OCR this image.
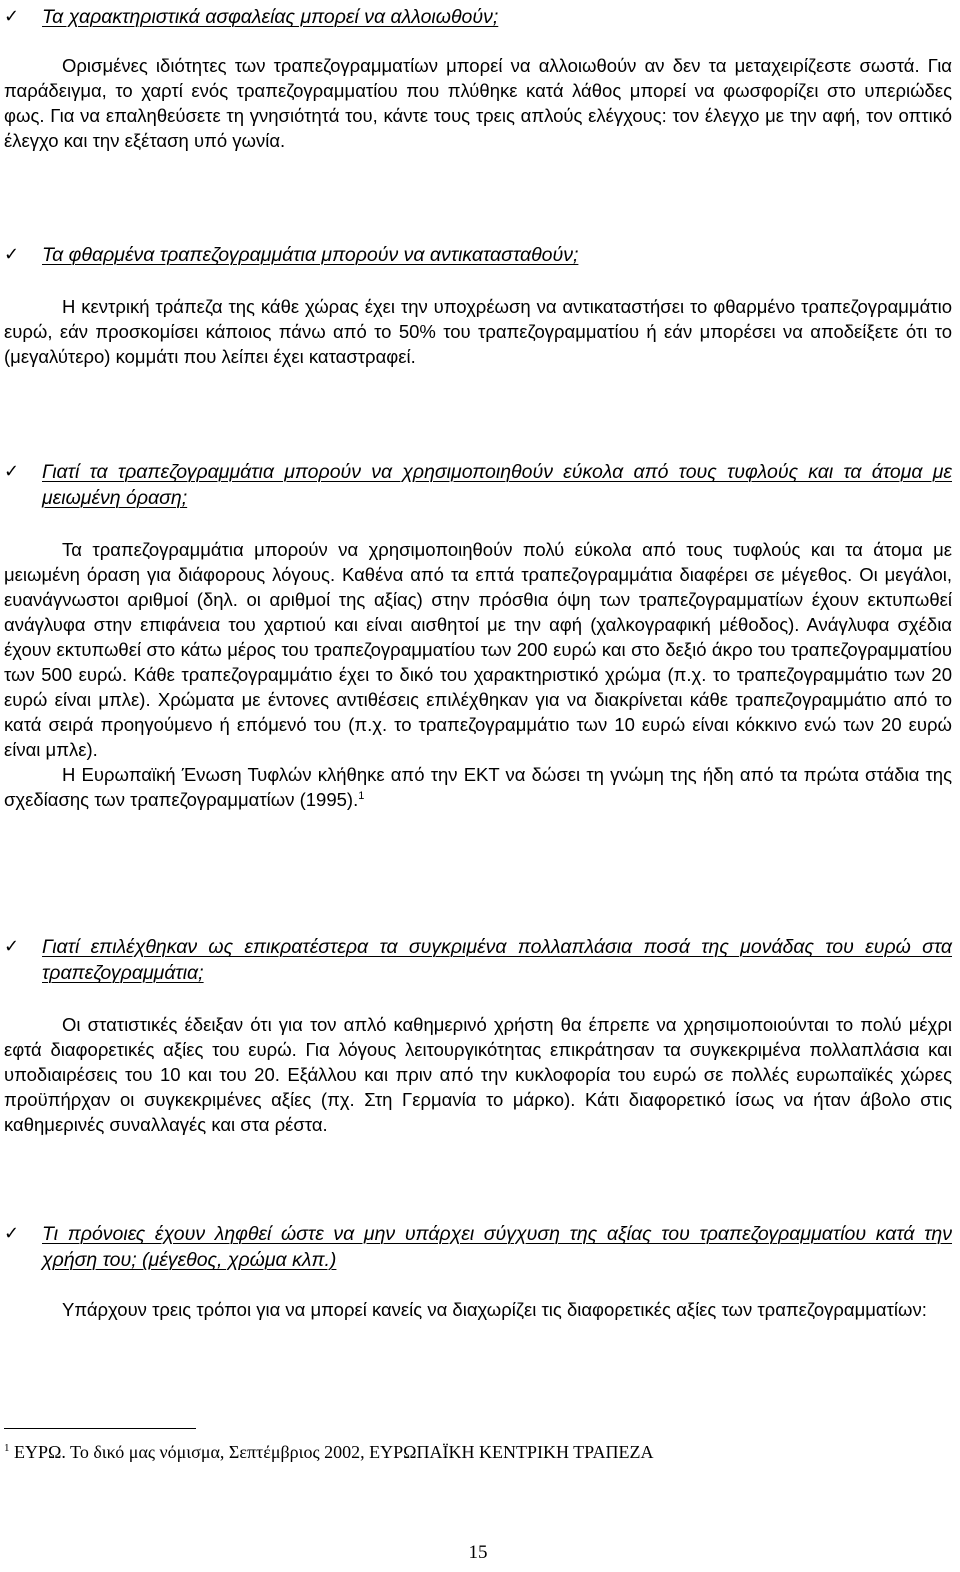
✓ Τα χαρακτηριστικά ασφαλείας μπορεί να αλλοιωθούν;

Ορισμένες ιδιότητες των τραπεζογραμματίων μπορεί να αλλοιωθούν αν δεν τα μεταχειρίζεστε σωστά. Για παράδειγμα, το χαρτί ενός τραπεζογραμματίου που πλύθηκε κατά λάθος μπορεί να φωσφορίζει στο υπεριώδες φως. Για να επαληθεύσετε τη γνησιότητά του, κάντε τους τρεις απλούς ελέγχους: τον έλεγχο με την αφή, τον οπτικό έλεγχο και την εξέταση υπό γωνία.

✓ Τα φθαρμένα τραπεζογραμμάτια μπορούν να αντικατασταθούν;

Η κεντρική τράπεζα της κάθε χώρας έχει την υποχρέωση να αντικαταστήσει το φθαρμένο τραπεζογραμμάτιο ευρώ, εάν προσκομίσει κάποιος πάνω από το 50% του τραπεζογραμματίου ή εάν μπορέσει να αποδείξετε ότι το (μεγαλύτερο) κομμάτι που λείπει έχει καταστραφεί.

✓ Γιατί τα τραπεζογραμμάτια μπορούν να χρησιμοποιηθούν εύκολα από τους τυφλούς και τα άτομα με μειωμένη όραση;

Τα τραπεζογραμμάτια μπορούν να χρησιμοποιηθούν πολύ εύκολα από τους τυφλούς και τα άτομα με μειωμένη όραση για διάφορους λόγους. Καθένα από τα επτά τραπεζογραμμάτια διαφέρει σε μέγεθος. Οι μεγάλοι, ευανάγνωστοι αριθμοί (δηλ. οι αριθμοί της αξίας) στην πρόσθια όψη των τραπεζογραμματίων έχουν εκτυπωθεί ανάγλυφα στην επιφάνεια του χαρτιού και είναι αισθητοί με την αφή (χαλκογραφική μέθοδος). Ανάγλυφα σχέδια έχουν εκτυπωθεί στο κάτω μέρος του τραπεζογραμματίου των 200 ευρώ και στο δεξιό άκρο του τραπεζογραμματίου των 500 ευρώ. Κάθε τραπεζογραμμάτιο έχει το δικό του χαρακτηριστικό χρώμα (π.χ. το τραπεζογραμμάτιο των 20 ευρώ είναι μπλε). Χρώματα με έντονες αντιθέσεις επιλέχθηκαν για να διακρίνεται κάθε τραπεζογραμμάτιο από το κατά σειρά προηγούμενο ή επόμενό του (π.χ. το τραπεζογραμμάτιο των 10 ευρώ είναι κόκκινο ενώ των 20 ευρώ είναι μπλε).

Η Ευρωπαϊκή Ένωση Τυφλών κλήθηκε από την ΕΚΤ να δώσει τη γνώμη της ήδη από τα πρώτα στάδια της σχεδίασης των τραπεζογραμματίων (1995).$^1$

✓ Γιατί επιλέχθηκαν ως επικρατέστερα τα συγκριμένα πολλαπλάσια ποσά της μονάδας του ευρώ στα τραπεζογραμμάτια;

Οι στατιστικές έδειξαν ότι για τον απλό καθημερινό χρήστη θα έπρεπε να χρησιμοποιούνται το πολύ μέχρι εφτά διαφορετικές αξίες του ευρώ. Για λόγους λειτουργικότητας επικράτησαν τα συγκεκριμένα πολλαπλάσια και υποδιαιρέσεις του 10 και του 20. Εξάλλου και πριν από την κυκλοφορία του ευρώ σε πολλές ευρωπαϊκές χώρες προϋπήρχαν οι συγκεκριμένες αξίες (πχ. Στη Γερμανία το μάρκο). Κάτι διαφορετικό ίσως να ήταν άβολο στις καθημερινές συναλλαγές και στα ρέστα.

✓ Τι πρόνοιες έχουν ληφθεί ώστε να μην υπάρχει σύγχυση της αξίας του τραπεζογραμματίου κατά την χρήση του; (μέγεθος, χρώμα κλπ.)

Υπάρχουν τρεις τρόποι για να μπορεί κανείς να διαχωρίζει τις διαφορετικές αξίες των τραπεζογραμματίων:

$^1$ ΕΥΡΩ. Το δικό μας νόμισμα, Σεπτέμβριος 2002, ΕΥΡΩΠΑΪΚΗ ΚΕΝΤΡΙΚΗ ΤΡΑΠΕΖΑ
15
